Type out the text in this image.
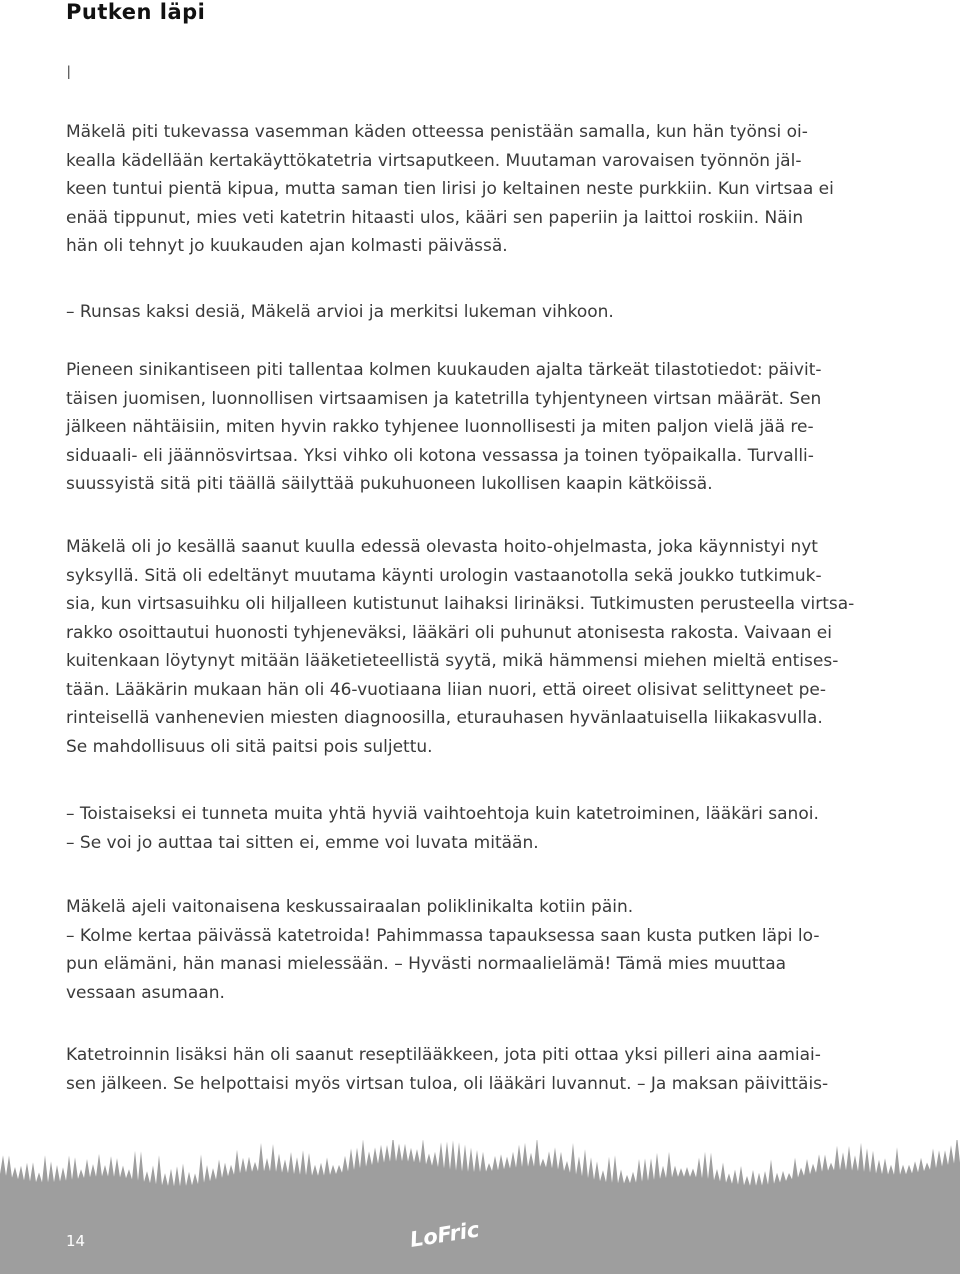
Putken läpi
I

Mäkelä piti tukevassa vasemman käden otteessa penistään samalla, kun hän työnsi oi-
kealla kädellään kertakäyttökatetria virtsaputkeen. Muutaman varovaisen työnnön jäl-
keen tuntui pientä kipua, mutta saman tien lirisi jo keltainen neste purkkiin. Kun virtsaa ei
enää tippunut, mies veti katetrin hitaasti ulos, kääri sen paperiin ja laittoi roskiin. Näin
hän oli tehnyt jo kuukauden ajan kolmasti päivässä.

– Runsas kaksi desiä, Mäkelä arvioi ja merkitsi lukeman vihkoon.

Pieneen sinikantiseen piti tallentaa kolmen kuukauden ajalta tärkeät tilastotiedot: päivit-
täisen juomisen, luonnollisen virtsaamisen ja katetrilla tyhjentyneen virtsan määrät. Sen
jälkeen nähtäisiin, miten hyvin rakko tyhjenee luonnollisesti ja miten paljon vielä jää re-
siduaali- eli jäännösvirtsaa. Yksi vihko oli kotona vessassa ja toinen työpaikalla. Turvalli-
suussyistä sitä piti täällä säilyttää pukuhuoneen lukollisen kaapin kätköissä.

Mäkelä oli jo kesällä saanut kuulla edessä olevasta hoito-ohjelmasta, joka käynnistyi nyt
syksyllä. Sitä oli edeltänyt muutama käynti urologin vastaanotolla sekä joukko tutkimuk-
sia, kun virtsasuihku oli hiljalleen kutistunut laihaksi lirinäksi. Tutkimusten perusteella virtsa-
rakko osoittautui huonosti tyhjeneväksi, lääkäri oli puhunut atonisesta rakosta. Vaivaan ei
kuitenkaan löytynyt mitään lääketieteellistä syytä, mikä hämmensi miehen mieltä entises-
tään. Lääkärin mukaan hän oli 46-vuotiaana liian nuori, että oireet olisivat selittyneet pe-
rinteisellä vanhenevien miesten diagnoosilla, eturauhasen hyvänlaatuisella liikakasvulla.
Se mahdollisuus oli sitä paitsi pois suljettu.

– Toistaiseksi ei tunneta muita yhtä hyviä vaihtoehtoja kuin katetroiminen, lääkäri sanoi.
– Se voi jo auttaa tai sitten ei, emme voi luvata mitään.

Mäkelä ajeli vaitonaisena keskussairaalan poliklinikalta kotiin päin.
– Kolme kertaa päivässä katetroida! Pahimmassa tapauksessa saan kusta putken läpi lo-
pun elämäni, hän manasi mielessään. – Hyvästi normaalielämä! Tämä mies muuttaa
vessaan asumaan.

Katetroinnin lisäksi hän oli saanut reseptilääkkeen, jota piti ottaa yksi pilleri aina aamiai-
sen jälkeen. Se helpottaisi myös virtsan tuloa, oli lääkäri luvannut. – Ja maksan päivittäis-

14	LoFric
